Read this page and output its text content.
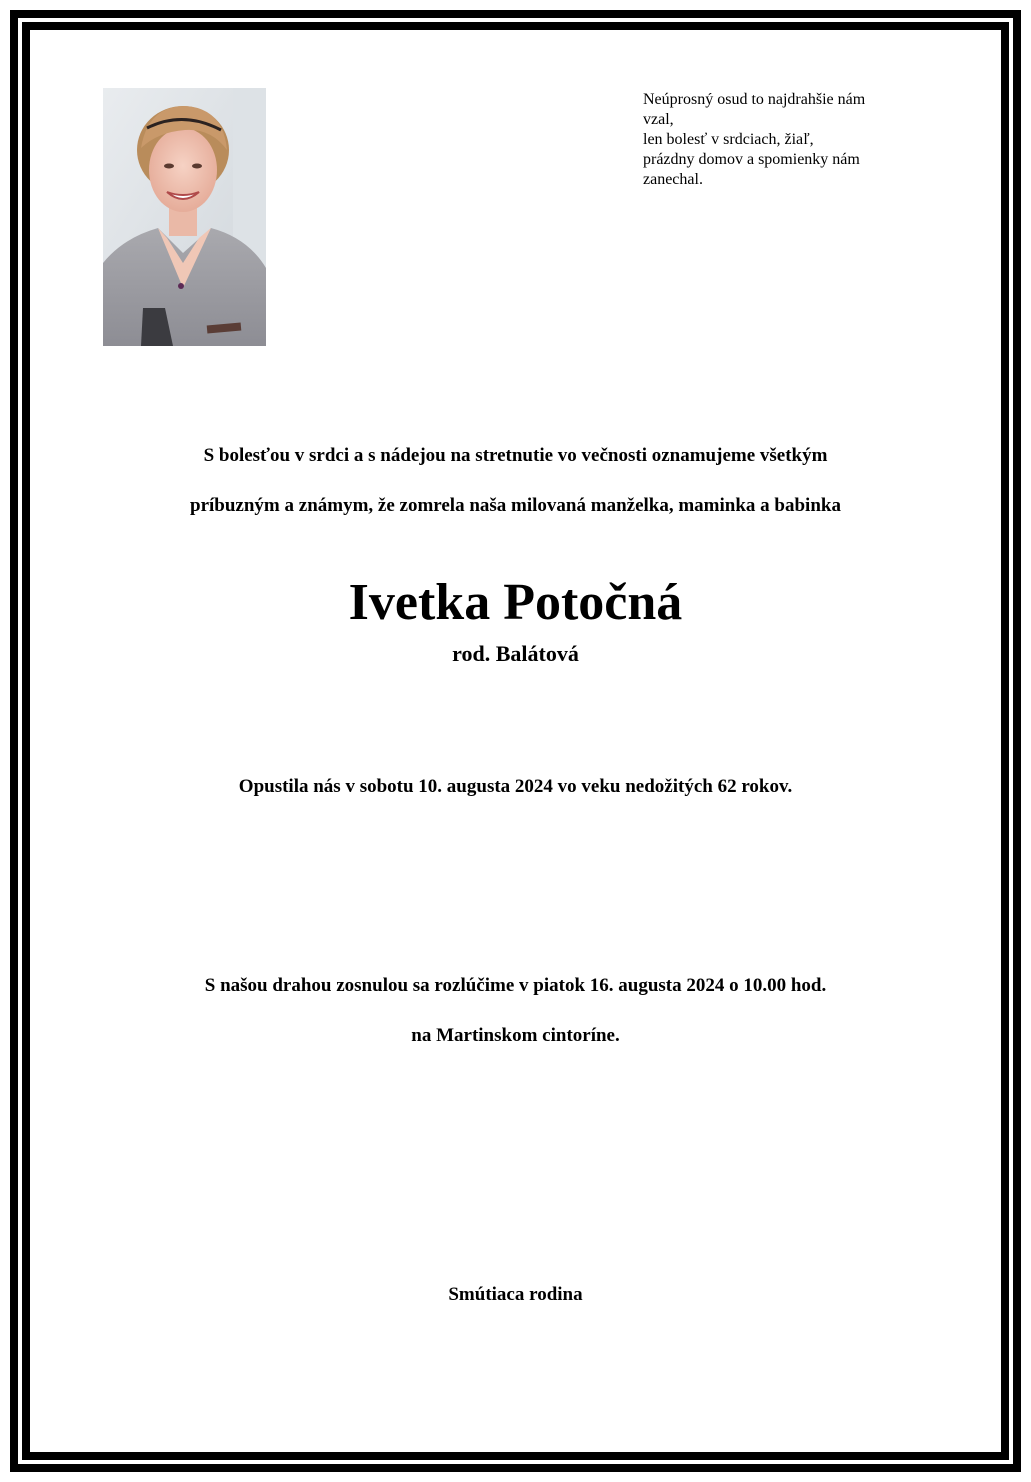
Neúprosný osud to najdrahšie nám
vzal,
len bolesť v srdciach, žiaľ,
prázdny domov a spomienky nám
zanechal.
S bolesťou v srdci a s nádejou na stretnutie vo večnosti oznamujeme všetkým
príbuzným a známym, že zomrela naša milovaná manželka, maminka a babinka
Ivetka Potočná
rod. Balátová
Opustila nás v sobotu 10. augusta 2024 vo veku nedožitých 62 rokov.
S našou drahou zosnulou sa rozlúčime v piatok 16. augusta 2024 o 10.00 hod.
na Martinskom cintoríne.
Smútiaca rodina
